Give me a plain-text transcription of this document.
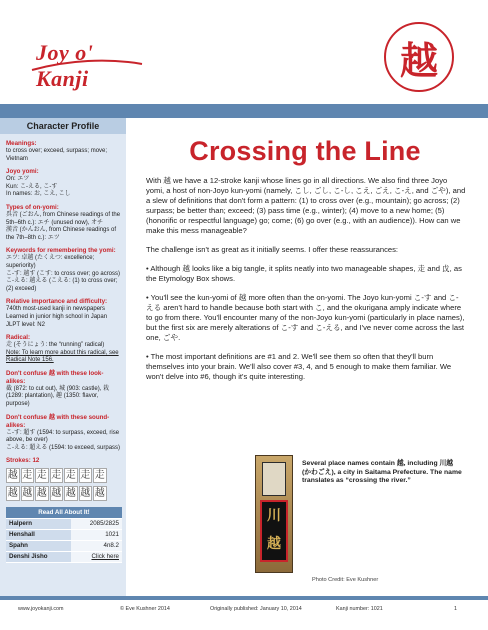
Joy o' Kanji	越
Character Profile
Meanings:
to cross over; exceed, surpass; move; Vietnam
Joyo yomi:
On: エツ
Kun: こ-える, こ-す
In names: お, こえ, こし
Types of on-yomi:
呉音 (ごおん, from Chinese readings of the 5th–6th c.): エチ (unused now), オチ
漢音 (かんおん, from Chinese readings of the 7th–8th c.): エツ
Keywords for remembering the yomi:
エツ: 卓越 (たくえつ: excellence; superiority)
こ-す: 越す (こす: to cross over; go across)
こ-える: 越える (こえる: (1) to cross over; (2) exceed)
Relative importance and difficulty:
740th most-used kanji in newspapers
Learned in junior high school in Japan
JLPT level: N2
Radical:
走 (そうにょう: the “running” radical)
Note: To learn more about this radical, see Radical Note 156.
Don't confuse 越 with these look-alikes:
截 (872: to cut out), 城 (903: castle), 栽 (1289: plantation), 趣 (1350: flavor, purpose)
Don't confuse 越 with these sound-alikes:
こ-す: 超す (1594: to surpass, exceed, rise above, be over)
こ-える: 超える (1594: to exceed, surpass)
Strokes: 12
越 走 走 走 走 走 走
越 越 越 越 越 越 越
Read All About It!	
Halpern	2085/2825
Henshall	1021
Spahn	4n8.2
Denshi Jisho	Click here
Crossing the Line

With 越 we have a 12-stroke kanji whose lines go in all directions. We also find three Joyo yomi, a host of non-Joyo kun-yomi (namely, こし, ごし, こ-し, こえ, ごえ, こ-え, and ごや), and a slew of definitions that don't form a pattern: (1) to cross over (e.g., mountain); go across; (2) surpass; be better than; exceed; (3) pass time (e.g., winter); (4) move to a new home; (5) (honorific or respectful language) go; come; (6) go over (e.g., with an audience)). How can we make this mess manageable?

The challenge isn't as great as it initially seems. I offer these reassurances:

• Although 越 looks like a big tangle, it splits neatly into two manageable shapes, 走 and 戉, as the Etymology Box shows.

• You'll see the kun-yomi of 越 more often than the on-yomi. The Joyo kun-yomi こ-す and こ-える aren't hard to handle because both start with こ, and the okurigana amply indicate where to go from there. You'll encounter many of the non-Joyo kun-yomi (particularly in place names), but the first six are merely alterations of こ-す and こ-える, and I've never come across the last one, ごや.

• The most important definitions are #1 and 2. We'll see them so often that they'll burn themselves into your brain. We'll also cover #3, 4, and 5 enough to make them familiar. We won't delve into #6, though it's quite interesting.

川越
Several place names contain 越, including 川越 (かわごえ), a city in Saitama Prefecture. The name translates as “crossing the river.”
Photo Credit: Eve Kushner
www.joyokanji.com	© Eve Kushner 2014	Originally published: January 10, 2014	Kanji number: 1021	1
